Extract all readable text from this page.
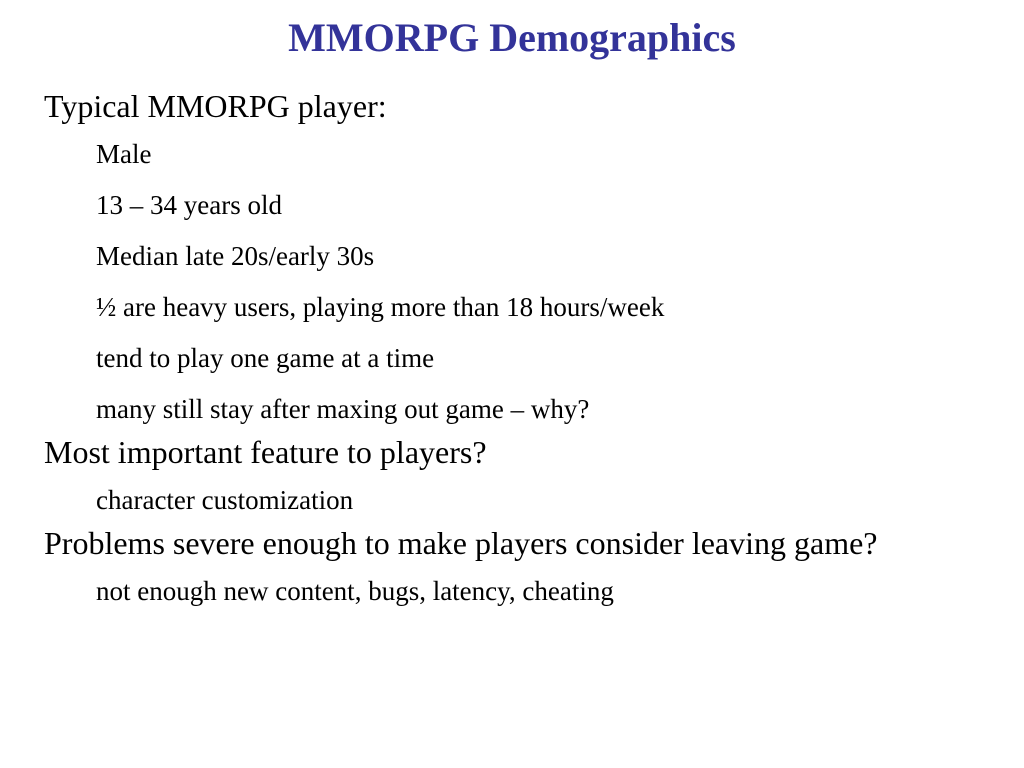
MMORPG Demographics
Typical MMORPG player:
Male
13 – 34 years old
Median late 20s/early 30s
½ are heavy users, playing more than 18 hours/week
tend to play one game at a time
many still stay after maxing out game – why?
Most important feature to players?
character customization
Problems severe enough to make players consider leaving game?
not enough new content, bugs, latency, cheating
